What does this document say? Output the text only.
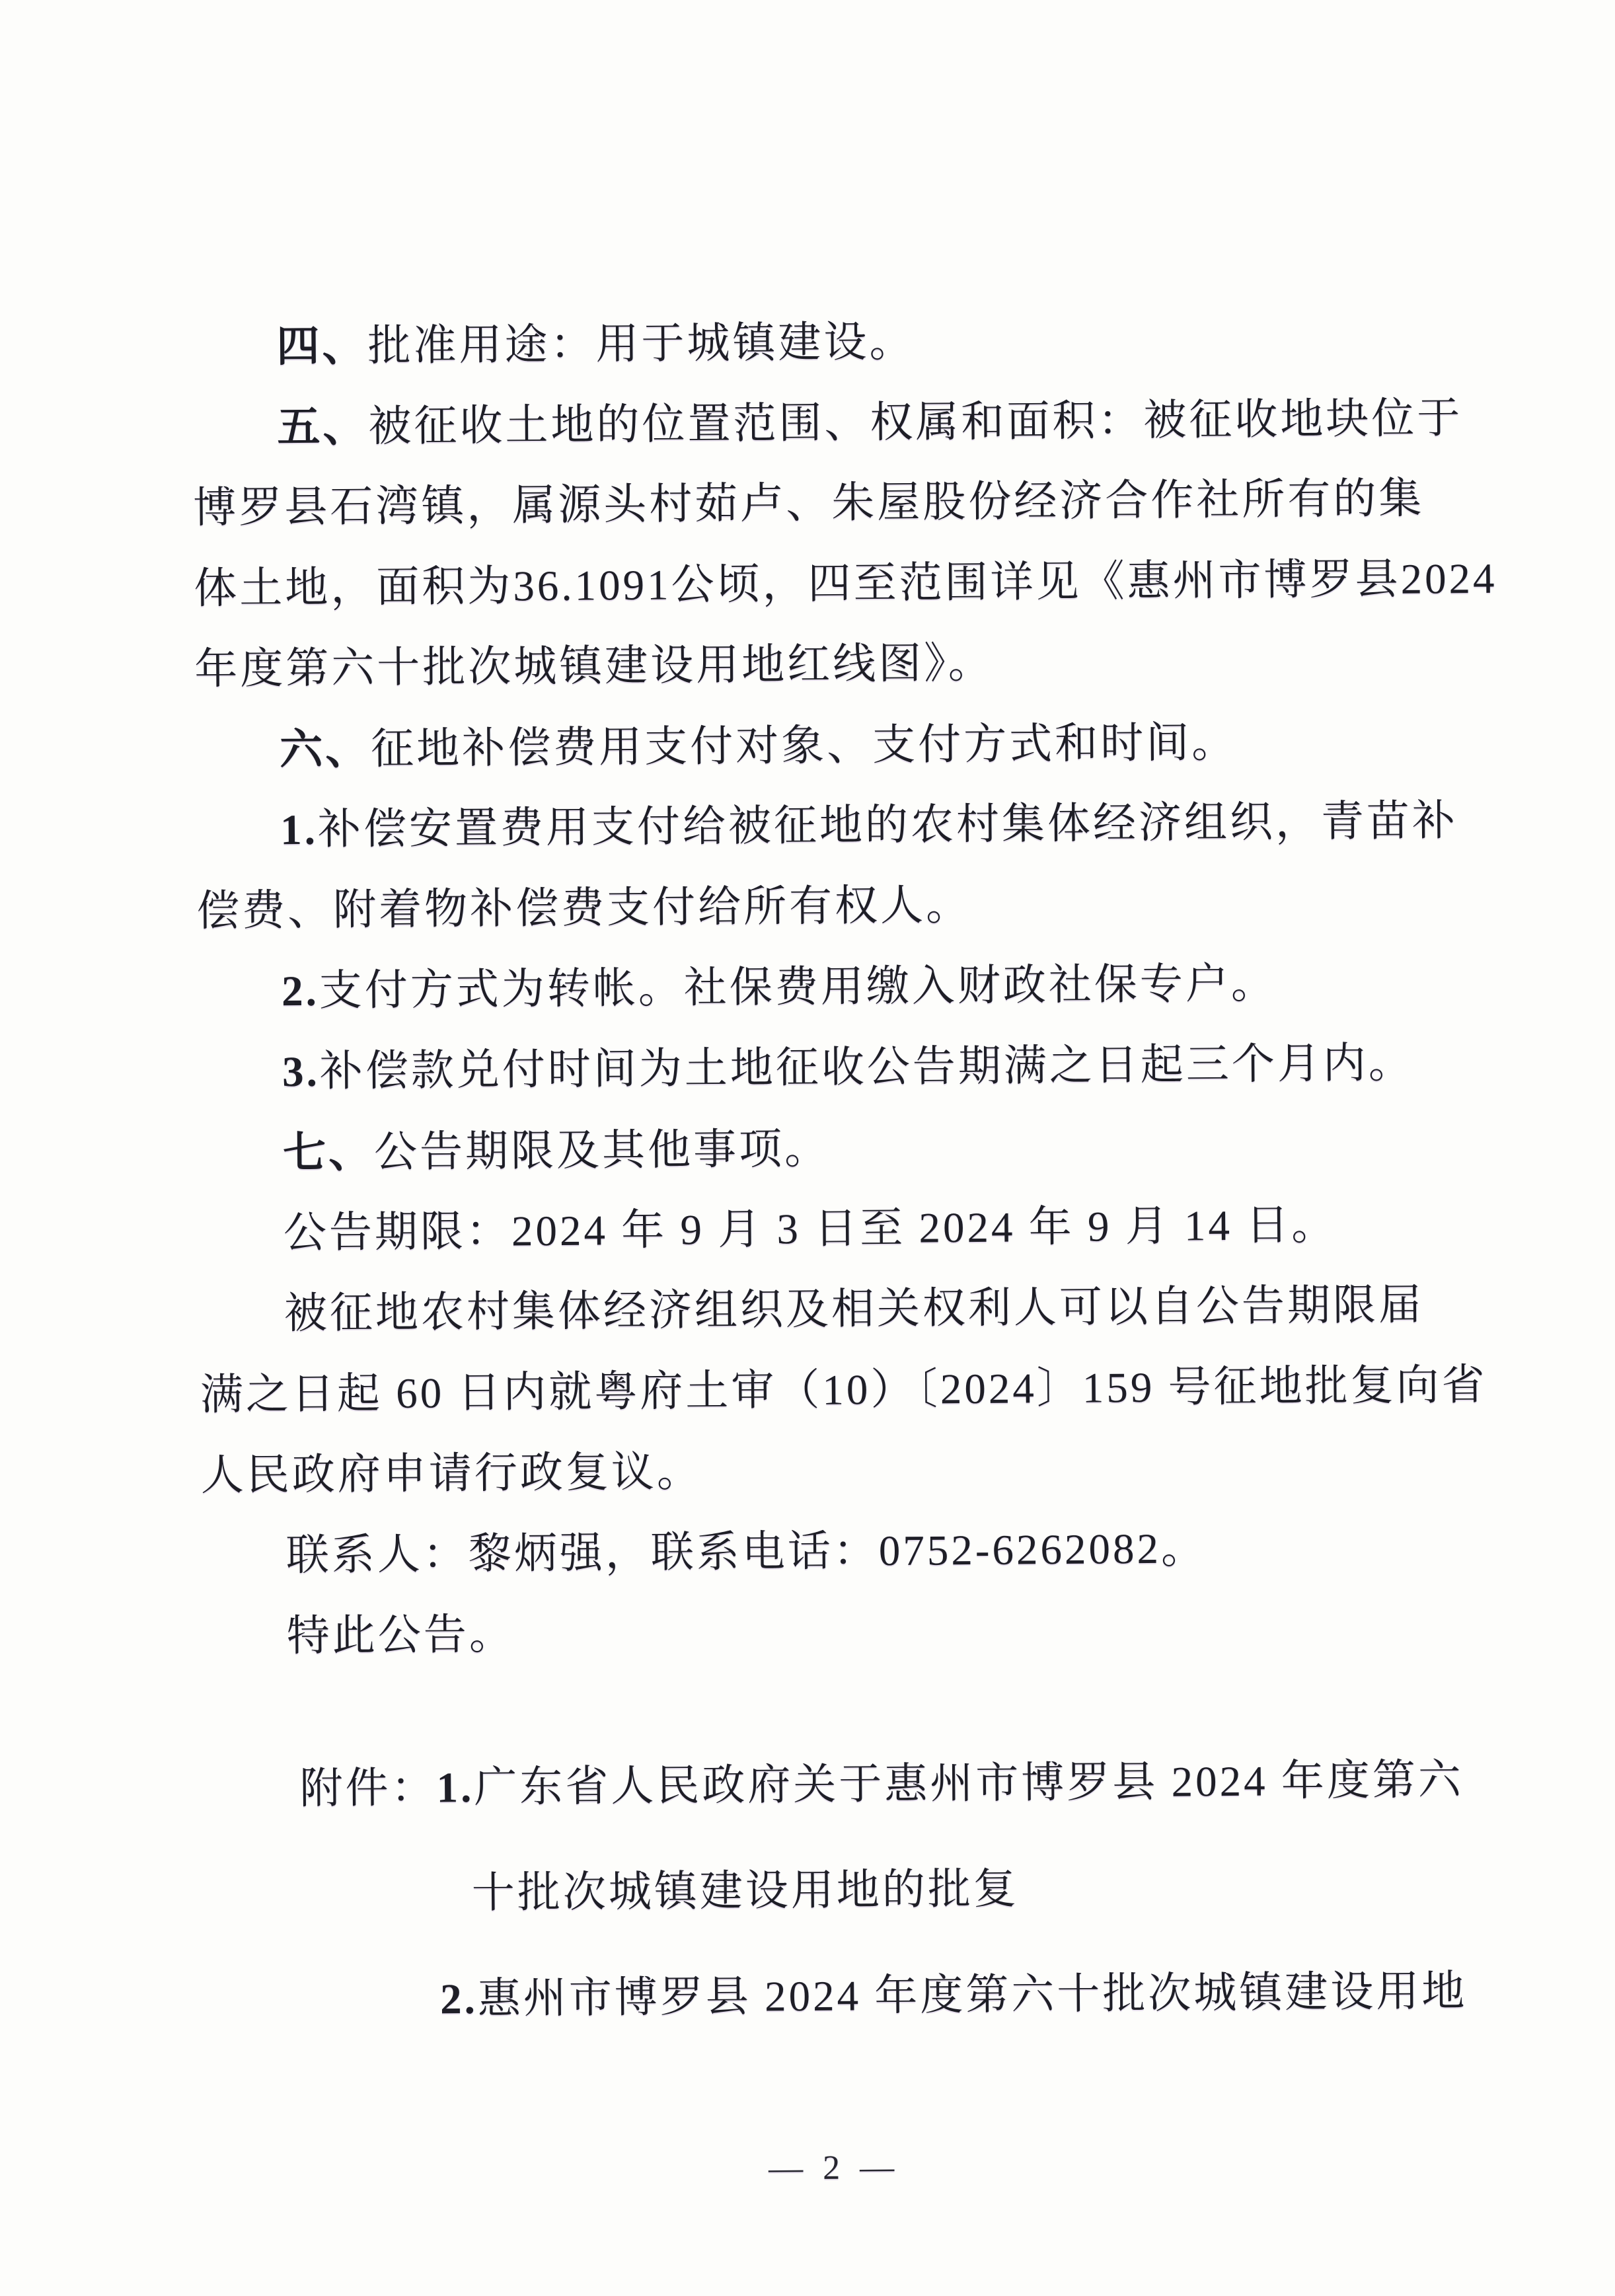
四、批准用途：用于城镇建设。
五、被征收土地的位置范围、权属和面积：被征收地块位于
博罗县石湾镇，属源头村茹卢、朱屋股份经济合作社所有的集
体土地，面积为36.1091公顷，四至范围详见《惠州市博罗县2024
年度第六十批次城镇建设用地红线图》。
六、征地补偿费用支付对象、支付方式和时间。
1.补偿安置费用支付给被征地的农村集体经济组织，青苗补
偿费、附着物补偿费支付给所有权人。
2.支付方式为转帐。社保费用缴入财政社保专户。
3.补偿款兑付时间为土地征收公告期满之日起三个月内。
七、公告期限及其他事项。
公告期限：2024 年 9 月 3 日至 2024 年 9 月 14 日。
被征地农村集体经济组织及相关权利人可以自公告期限届
满之日起 60 日内就粤府土审（10）〔2024〕159 号征地批复向省
人民政府申请行政复议。
联系人：黎炳强，联系电话：0752-6262082。
特此公告。
附件：1.广东省人民政府关于惠州市博罗县 2024 年度第六
十批次城镇建设用地的批复
2.惠州市博罗县 2024 年度第六十批次城镇建设用地
— 2 —
